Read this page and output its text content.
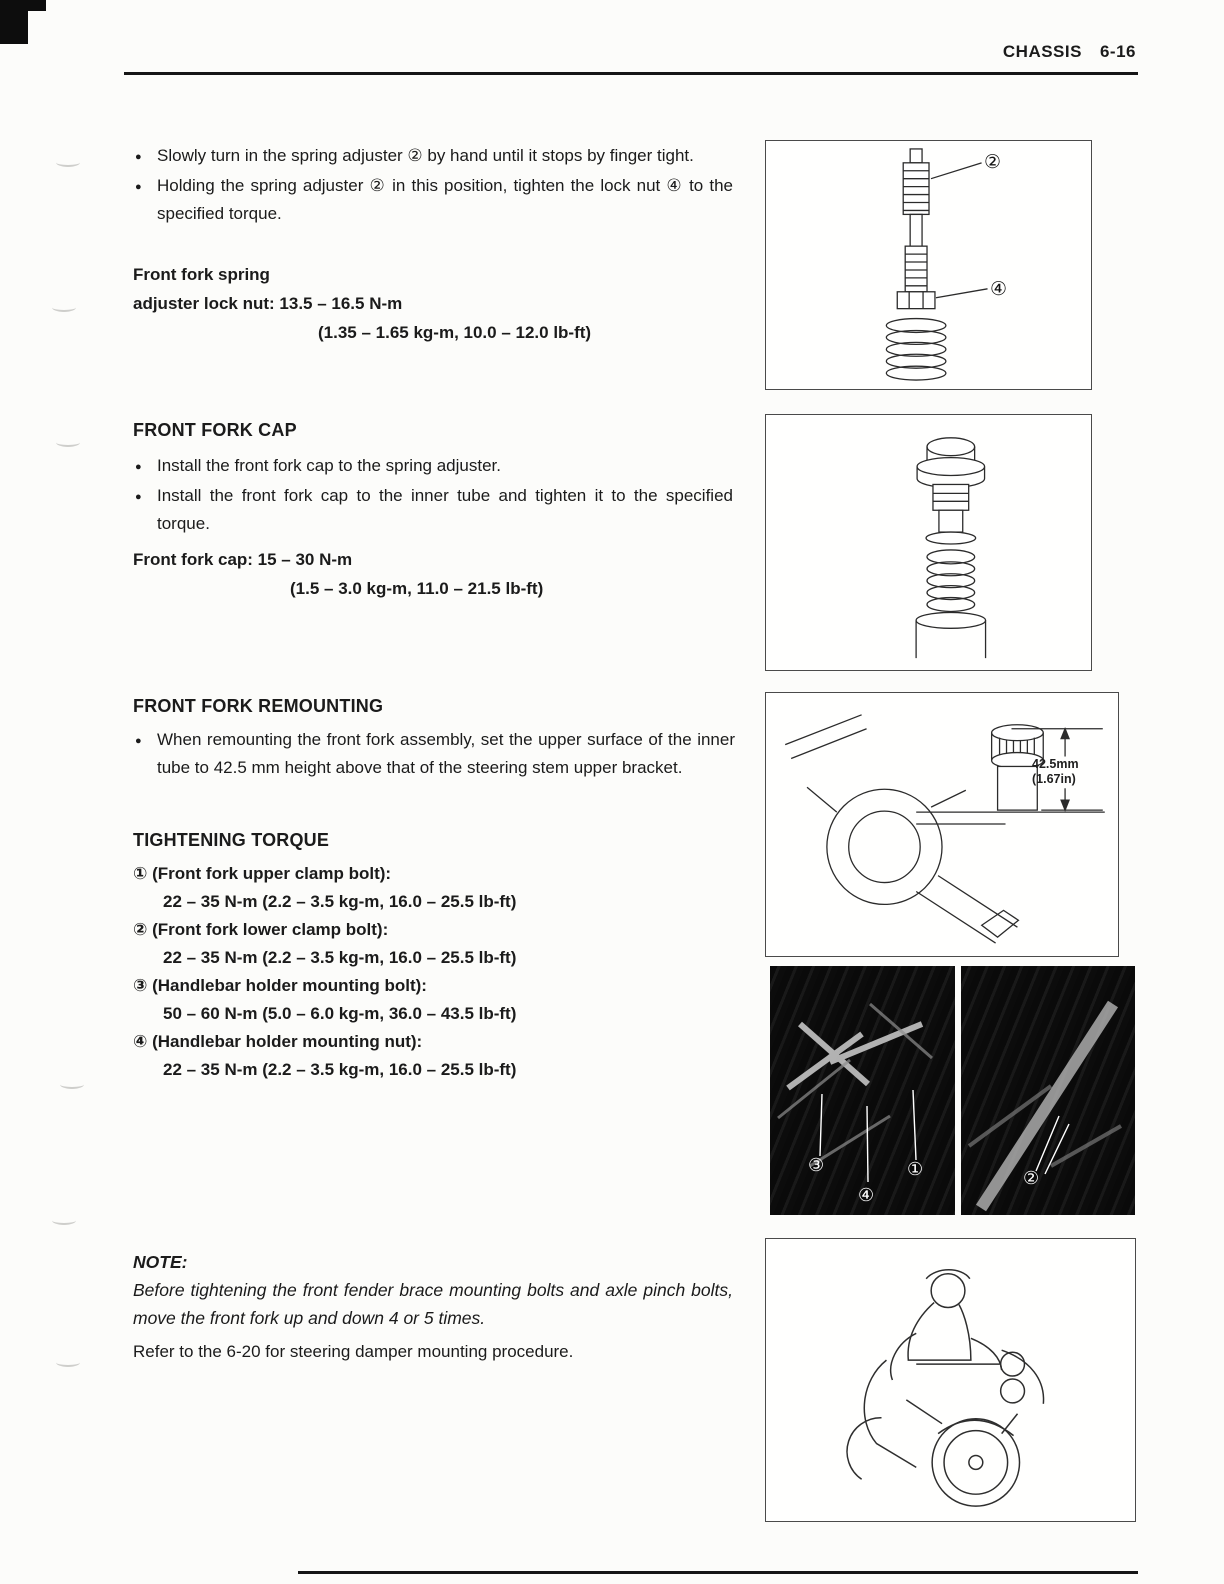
CHASSIS 6-16
● Slowly turn in the spring adjuster ② by hand until it stops by finger tight.
● Holding the spring adjuster ② in this position, tighten the lock nut ④ to the specified torque.
Front fork spring
adjuster lock nut: 13.5 – 16.5 N-m
(1.35 – 1.65 kg-m, 10.0 – 12.0 lb-ft)
FRONT FORK CAP
● Install the front fork cap to the spring adjuster.
● Install the front fork cap to the inner tube and tighten it to the specified torque.
Front fork cap: 15 – 30 N-m
(1.5 – 3.0 kg-m, 11.0 – 21.5 lb-ft)
FRONT FORK REMOUNTING
● When remounting the front fork assembly, set the upper surface of the inner tube to 42.5 mm height above that of the steering stem upper bracket.
TIGHTENING TORQUE
① (Front fork upper clamp bolt):
22 – 35 N-m (2.2 – 3.5 kg-m, 16.0 – 25.5 lb-ft)
② (Front fork lower clamp bolt):
22 – 35 N-m (2.2 – 3.5 kg-m, 16.0 – 25.5 lb-ft)
③ (Handlebar holder mounting bolt):
50 – 60 N-m (5.0 – 6.0 kg-m, 36.0 – 43.5 lb-ft)
④ (Handlebar holder mounting nut):
22 – 35 N-m (2.2 – 3.5 kg-m, 16.0 – 25.5 lb-ft)
NOTE:
Before tightening the front fender brace mounting bolts and axle pinch bolts, move the front fork up and down 4 or 5 times.
Refer to the 6-20 for steering damper mounting procedure.
②
④
42.5mm
(1.67in)
③
④
①	②
